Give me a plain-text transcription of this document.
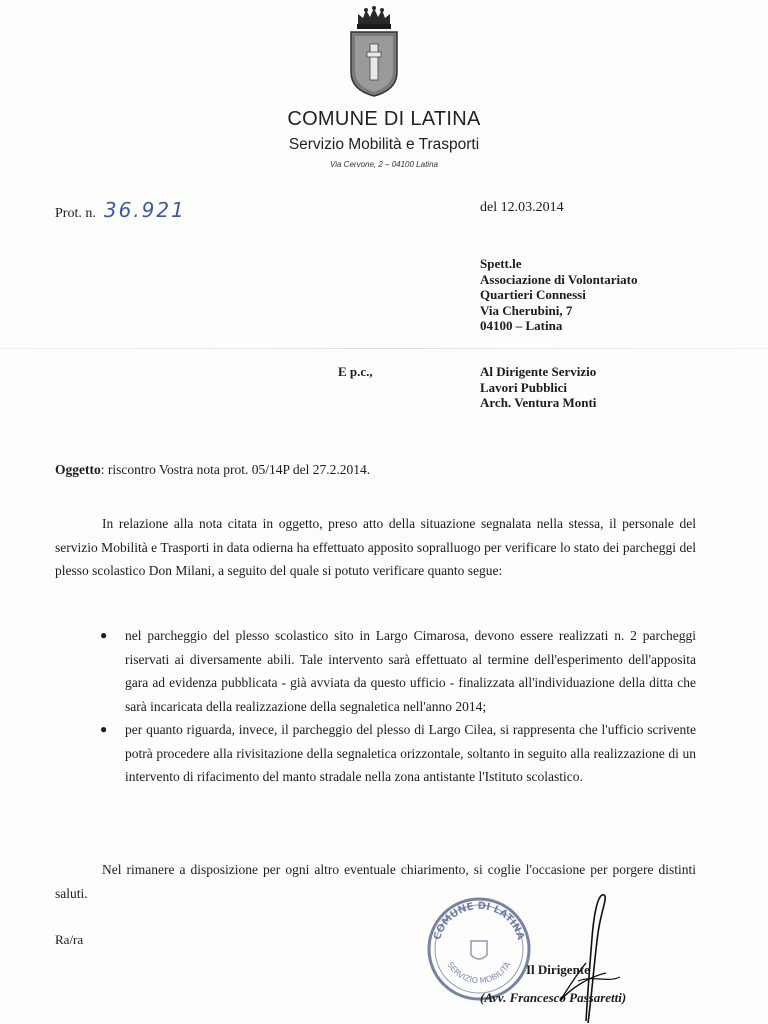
COMUNE DI LATINA
Servizio Mobilità e Trasporti
Via Cervone, 2 – 04100 Latina
Prot. n. 36.921	del 12.03.2014
Spett.le
Associazione di Volontariato
Quartieri Connessi
Via Cherubini, 7
04100 – Latina
E p.c.,	Al Dirigente Servizio
Lavori Pubblici
Arch. Ventura Monti
Oggetto: riscontro Vostra nota prot. 05/14P del 27.2.2014.
In relazione alla nota citata in oggetto, preso atto della situazione segnalata nella stessa, il personale del servizio Mobilità e Trasporti in data odierna ha effettuato apposito sopralluogo per verificare lo stato dei parcheggi del plesso scolastico Don Milani, a seguito del quale si potuto verificare quanto segue:
● nel parcheggio del plesso scolastico sito in Largo Cimarosa, devono essere realizzati n. 2 parcheggi riservati ai diversamente abili. Tale intervento sarà effettuato al termine dell'esperimento dell'apposita gara ad evidenza pubblicata - già avviata da questo ufficio - finalizzata all'individuazione della ditta che sarà incaricata della realizzazione della segnaletica nell'anno 2014;
● per quanto riguarda, invece, il parcheggio del plesso di Largo Cilea, si rappresenta che l'ufficio scrivente potrà procedere alla rivisitazione della segnaletica orizzontale, soltanto in seguito alla realizzazione di un intervento di rifacimento del manto stradale nella zona antistante l'Istituto scolastico.
Nel rimanere a disposizione per ogni altro eventuale chiarimento, si coglie l'occasione per porgere distinti saluti.
Ra/ra	COMUNE DI LATINA
SERVIZIO MOBILITÀ Il Dirigente
(Avv. Francesco Passaretti)
